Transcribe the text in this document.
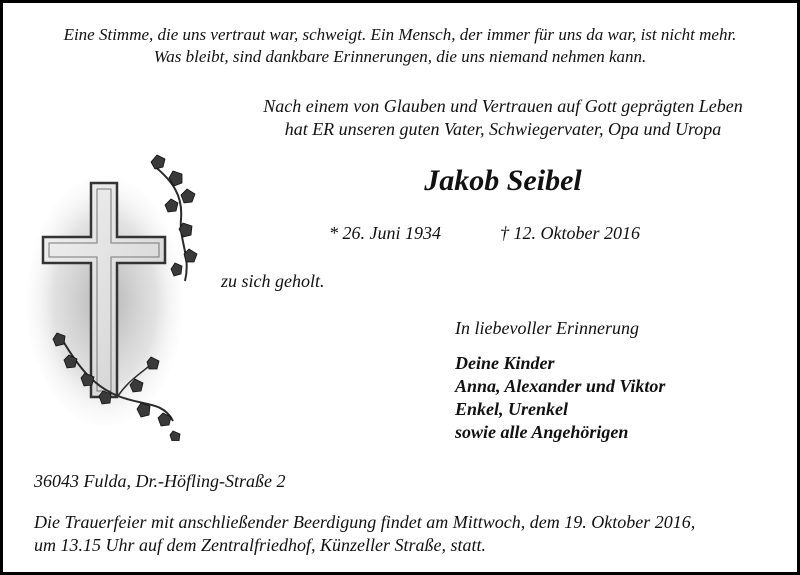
Eine Stimme, die uns vertraut war, schweigt. Ein Mensch, der immer für uns da war, ist nicht mehr.

Was bleibt, sind dankbare Erinnerungen, die uns niemand nehmen kann.

Nach einem von Glauben und Vertrauen auf Gott geprägten Leben

hat ER unseren guten Vater, Schwiegervater, Opa und Uropa

Jakob Seibel

* 26. Juni 1934	† 12. Oktober 2016

zu sich geholt.

In liebevoller Erinnerung

Deine Kinder

Anna, Alexander und Viktor

Enkel, Urenkel

sowie alle Angehörigen

36043 Fulda, Dr.-Höfling-Straße 2

Die Trauerfeier mit anschließender Beerdigung findet am Mittwoch, dem 19. Oktober 2016,

um 13.15 Uhr auf dem Zentralfriedhof, Künzeller Straße, statt.
